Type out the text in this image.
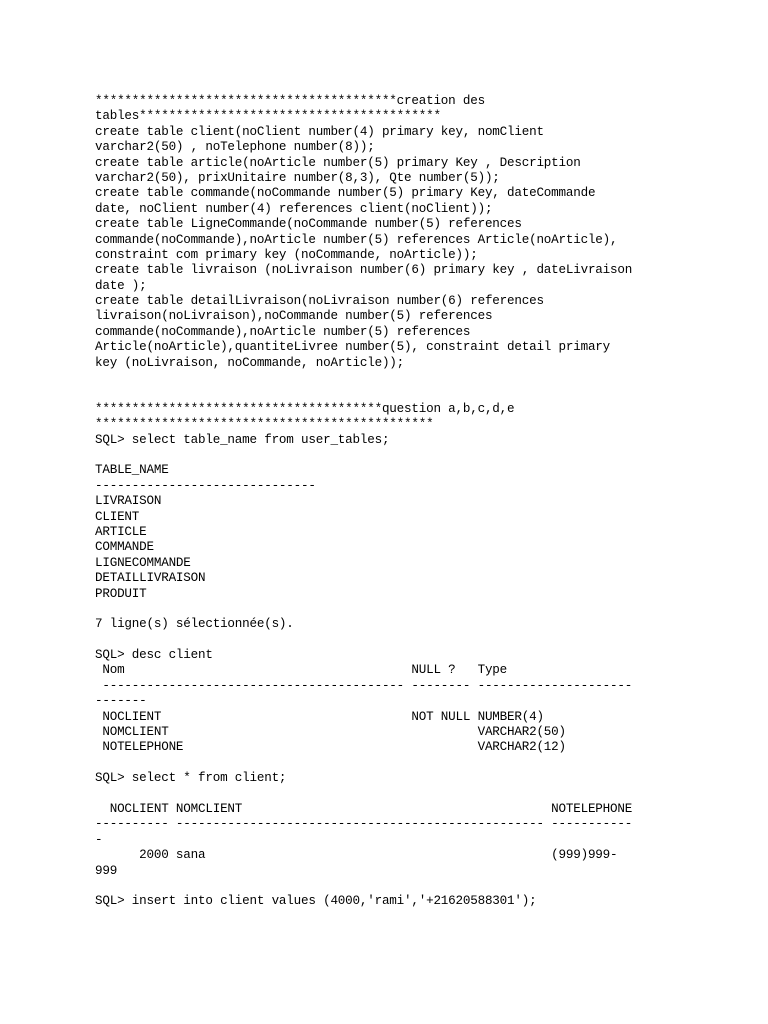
*****************************************creation des
tables*****************************************
create table client(noClient number(4) primary key, nomClient
varchar2(50) , noTelephone number(8));
create table article(noArticle number(5) primary Key , Description
varchar2(50), prixUnitaire number(8,3), Qte number(5));
create table commande(noCommande number(5) primary Key, dateCommande
date, noClient number(4) references client(noClient));
create table LigneCommande(noCommande number(5) references
commande(noCommande),noArticle number(5) references Article(noArticle),
constraint com primary key (noCommande, noArticle));
create table livraison (noLivraison number(6) primary key , dateLivraison
date );
create table detailLivraison(noLivraison number(6) references
livraison(noLivraison),noCommande number(5) references
commande(noCommande),noArticle number(5) references
Article(noArticle),quantiteLivree number(5), constraint detail primary
key (noLivraison, noCommande, noArticle));
***************************************question a,b,c,d,e
**********************************************
SQL> select table_name from user_tables;
TABLE_NAME
------------------------------
LIVRAISON
CLIENT
ARTICLE
COMMANDE
LIGNECOMMANDE
DETAILLIVRAISON
PRODUIT
7 ligne(s) sélectionnée(s).
SQL> desc client
Nom                                       NULL ?   Type
----------------------------------------- -------- ---------------------
-------
NOCLIENT                                  NOT NULL NUMBER(4)
NOMCLIENT                                          VARCHAR2(50)
NOTELEPHONE                                        VARCHAR2(12)
SQL> select * from client;
NOCLIENT NOMCLIENT                                          NOTELEPHONE
---------- -------------------------------------------------- -----------
-
2000 sana                                               (999)999-
999
SQL> insert into client values (4000,'rami','+21620588301');
